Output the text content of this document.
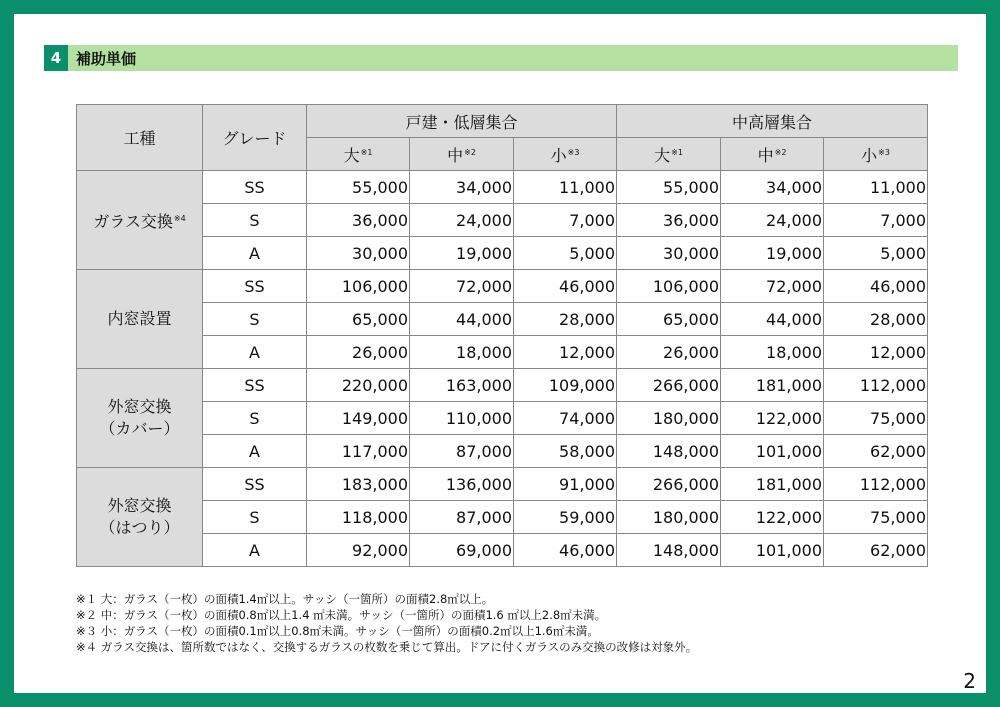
4 補助単価
工種	グレード	戸建・低層集合			中高層集合		
		大$^{※1}$	中$^{※2}$	小$^{※3}$	大$^{※1}$	中$^{※2}$	小$^{※3}$
ガラス交換$^{※4}$	SS	55,000	34,000	11,000	55,000	34,000	11,000
	S	36,000	24,000	7,000	36,000	24,000	7,000
	A	30,000	19,000	5,000	30,000	19,000	5,000
内窓設置	SS	106,000	72,000	46,000	106,000	72,000	46,000
	S	65,000	44,000	28,000	65,000	44,000	28,000
	A	26,000	18,000	12,000	26,000	18,000	12,000
外窓交換
（カバー）	SS	220,000	163,000	109,000	266,000	181,000	112,000
	S	149,000	110,000	74,000	180,000	122,000	75,000
	A	117,000	87,000	58,000	148,000	101,000	62,000
外窓交換
（はつり）	SS	183,000	136,000	91,000	266,000	181,000	112,000
	S	118,000	87,000	59,000	180,000	122,000	75,000
	A	92,000	69,000	46,000	148,000	101,000	62,000
※１ 大：ガラス（一枚）の面積1.4㎡以上。サッシ（一箇所）の面積2.8㎡以上。
※２ 中：ガラス（一枚）の面積0.8㎡以上1.4 ㎡未満。サッシ（一箇所）の面積1.6 ㎡以上2.8㎡未満。
※３ 小：ガラス（一枚）の面積0.1㎡以上0.8㎡未満。サッシ（一箇所）の面積0.2㎡以上1.6㎡未満。
※４ ガラス交換は、箇所数ではなく、交換するガラスの枚数を乗じて算出。ドアに付くガラスのみ交換の改修は対象外。
2
